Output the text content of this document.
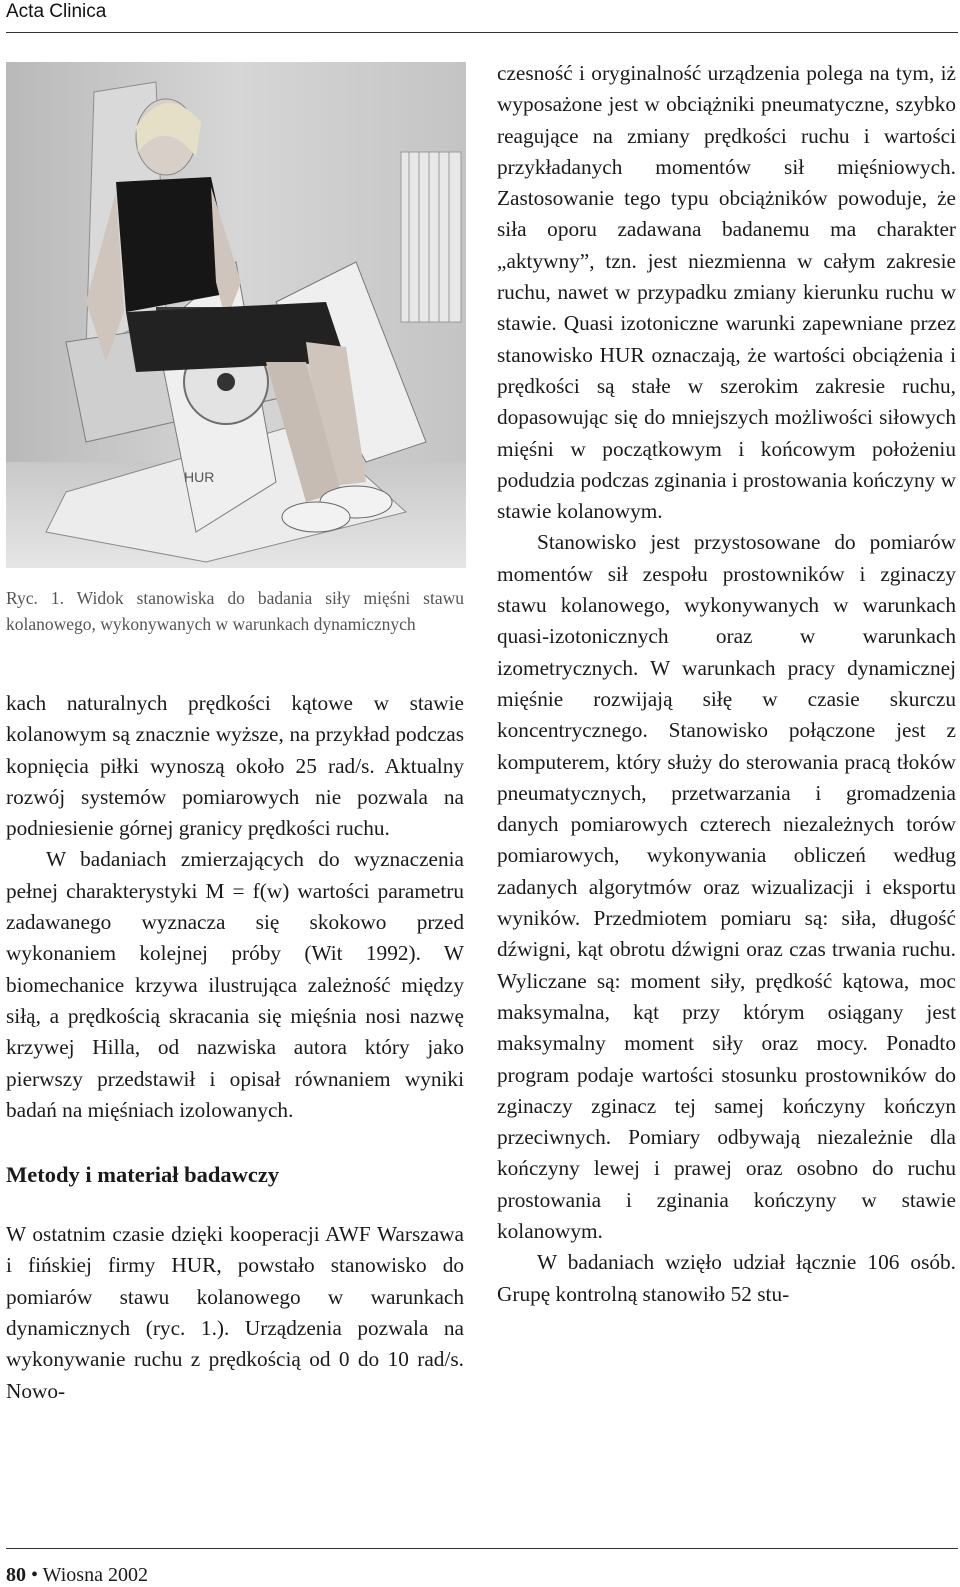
Acta Clinica
HUR
Ryc. 1. Widok stanowiska do badania siły mięśni stawu kolanowego, wykonywanych w warunkach dynamicznych

kach naturalnych prędkości kątowe w stawie kolanowym są znacznie wyższe, na przykład podczas kopnięcia piłki wynoszą około 25 rad/s. Aktualny rozwój systemów pomiarowych nie pozwala na podniesienie górnej granicy prędkości ruchu.

W badaniach zmierzających do wyznaczenia pełnej charakterystyki M = f(w) wartości parametru zadawanego wyznacza się skokowo przed wykonaniem kolejnej próby (Wit 1992). W biomechanice krzywa ilustrująca zależność między siłą, a prędkością skracania się mięśnia nosi nazwę krzywej Hilla, od nazwiska autora który jako pierwszy przedstawił i opisał równaniem wyniki badań na mięśniach izolowanych.

Metody i materiał badawczy

W ostatnim czasie dzięki kooperacji AWF Warszawa i fińskiej firmy HUR, powstało stanowisko do pomiarów stawu kolanowego w warunkach dynamicznych (ryc. 1.). Urządzenia pozwala na wykonywanie ruchu z prędkością od 0 do 10 rad/s. Nowo-

czesność i oryginalność urządzenia polega na tym, iż wyposażone jest w obciążniki pneumatyczne, szybko reagujące na zmiany prędkości ruchu i wartości przykładanych momentów sił mięśniowych. Zastosowanie tego typu obciążników powoduje, że siła oporu zadawana badanemu ma charakter „aktywny”, tzn. jest niezmienna w całym zakresie ruchu, nawet w przypadku zmiany kierunku ruchu w stawie. Quasi izotoniczne warunki zapewniane przez stanowisko HUR oznaczają, że wartości obciążenia i prędkości są stałe w szerokim zakresie ruchu, dopasowując się do mniejszych możliwości siłowych mięśni w początkowym i końcowym położeniu podudzia podczas zginania i prostowania kończyny w stawie kolanowym.

Stanowisko jest przystosowane do pomiarów momentów sił zespołu prostowników i zginaczy stawu kolanowego, wykonywanych w warunkach quasi-izotonicznych oraz w warunkach izometrycznych. W warunkach pracy dynamicznej mięśnie rozwijają siłę w czasie skurczu koncentrycznego. Stanowisko połączone jest z komputerem, który służy do sterowania pracą tłoków pneumatycznych, przetwarzania i gromadzenia danych pomiarowych czterech niezależnych torów pomiarowych, wykonywania obliczeń według zadanych algorytmów oraz wizualizacji i eksportu wyników. Przedmiotem pomiaru są: siła, długość dźwigni, kąt obrotu dźwigni oraz czas trwania ruchu. Wyliczane są: moment siły, prędkość kątowa, moc maksymalna, kąt przy którym osiągany jest maksymalny moment siły oraz mocy. Ponadto program podaje wartości stosunku prostowników do zginaczy zginacz tej samej kończyny kończyn przeciwnych. Pomiary odbywają niezależnie dla kończyny lewej i prawej oraz osobno do ruchu prostowania i zginania kończyny w stawie kolanowym.

W badaniach wzięło udział łącznie 106 osób. Grupę kontrolną stanowiło 52 stu-

80 • Wiosna 2002
